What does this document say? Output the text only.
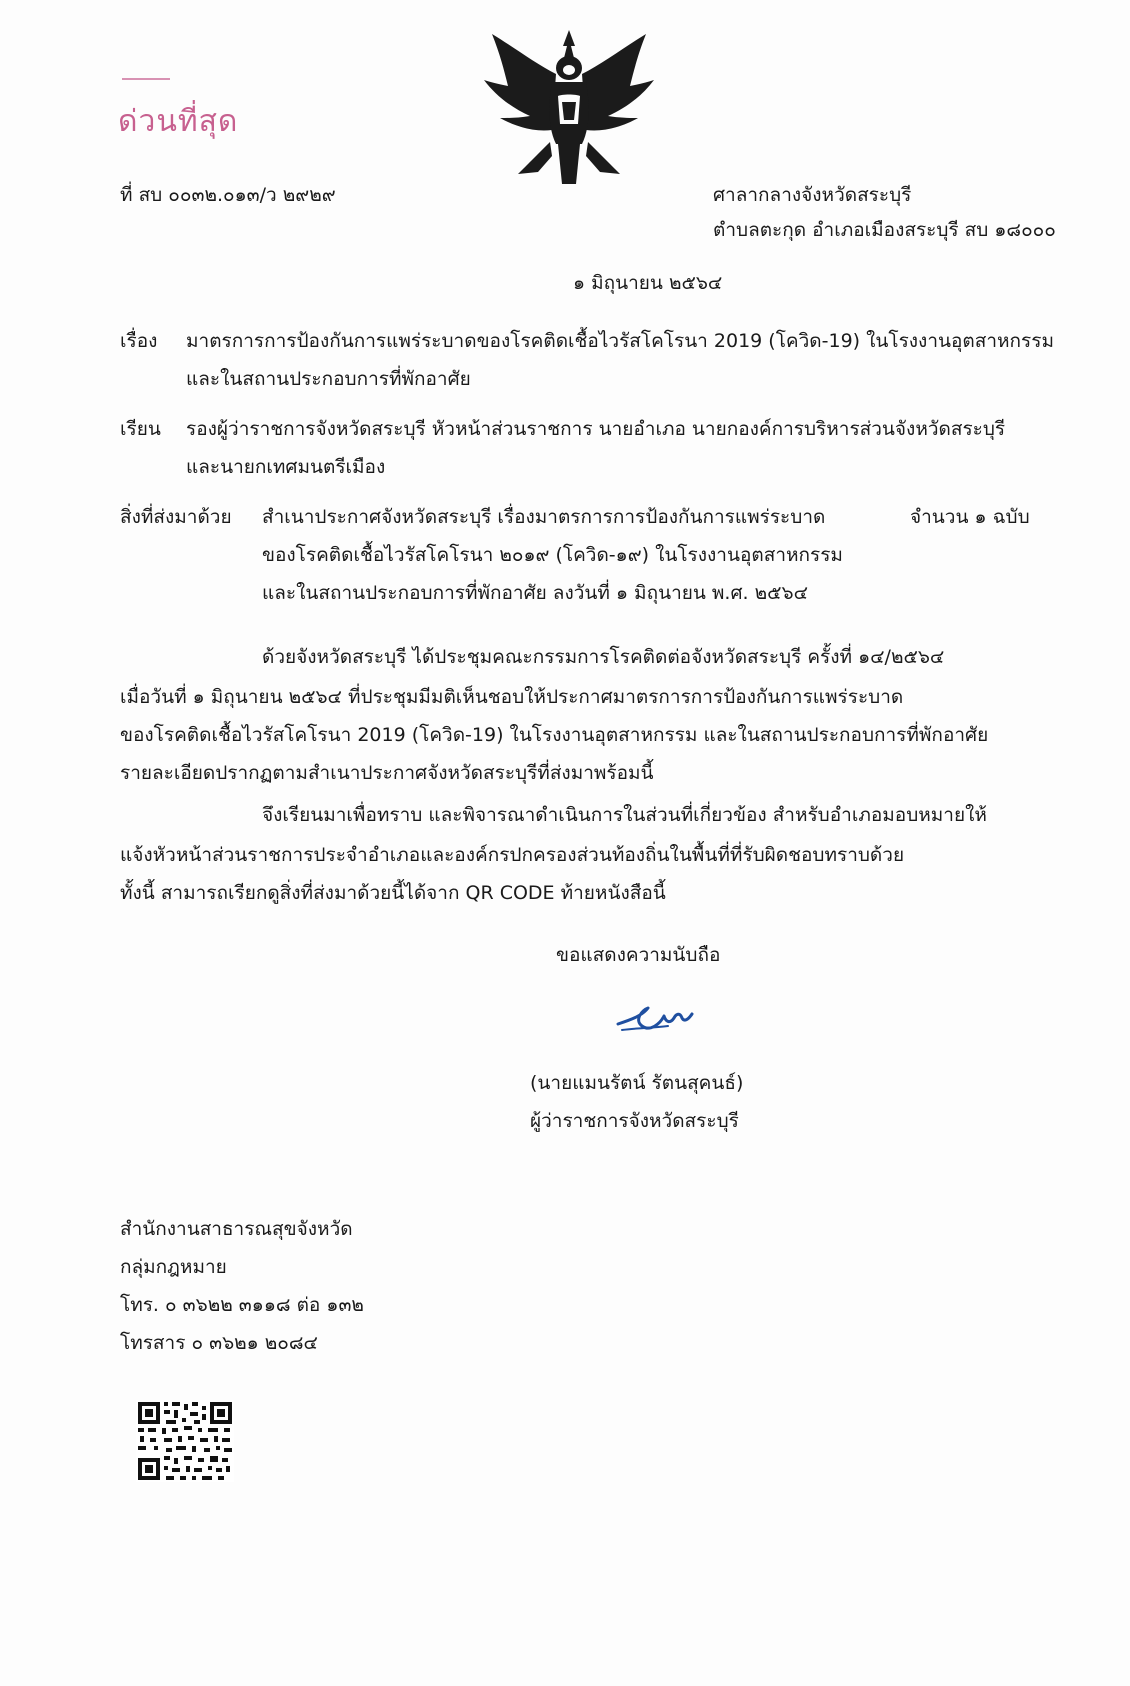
ด่วนที่สุด
ที่ สบ ๐๐๓๒.๐๑๓/ว ๒๙๒๙	ศาลากลางจังหวัดสระบุรี
ตำบลตะกุด อำเภอเมืองสระบุรี สบ ๑๘๐๐๐
๑ มิถุนายน ๒๕๖๔
เรื่อง มาตรการการป้องกันการแพร่ระบาดของโรคติดเชื้อไวรัสโคโรนา 2019 (โควิด-19) ในโรงงานอุตสาหกรรม
และในสถานประกอบการที่พักอาศัย
เรียน รองผู้ว่าราชการจังหวัดสระบุรี หัวหน้าส่วนราชการ นายอำเภอ นายกองค์การบริหารส่วนจังหวัดสระบุรี
และนายกเทศมนตรีเมือง
สิ่งที่ส่งมาด้วย สำเนาประกาศจังหวัดสระบุรี เรื่องมาตรการการป้องกันการแพร่ระบาด
ของโรคติดเชื้อไวรัสโคโรนา ๒๐๑๙ (โควิด-๑๙) ในโรงงานอุตสาหกรรม
และในสถานประกอบการที่พักอาศัย ลงวันที่ ๑ มิถุนายน พ.ศ. ๒๕๖๔
จำนวน ๑ ฉบับ
ด้วยจังหวัดสระบุรี ได้ประชุมคณะกรรมการโรคติดต่อจังหวัดสระบุรี ครั้งที่ ๑๔/๒๕๖๔
เมื่อวันที่ ๑ มิถุนายน ๒๕๖๔ ที่ประชุมมีมติเห็นชอบให้ประกาศมาตรการการป้องกันการแพร่ระบาด
ของโรคติดเชื้อไวรัสโคโรนา 2019 (โควิด-19) ในโรงงานอุตสาหกรรม และในสถานประกอบการที่พักอาศัย
รายละเอียดปรากฏตามสำเนาประกาศจังหวัดสระบุรีที่ส่งมาพร้อมนี้
จึงเรียนมาเพื่อทราบ และพิจารณาดำเนินการในส่วนที่เกี่ยวข้อง สำหรับอำเภอมอบหมายให้
แจ้งหัวหน้าส่วนราชการประจำอำเภอและองค์กรปกครองส่วนท้องถิ่นในพื้นที่ที่รับผิดชอบทราบด้วย
ทั้งนี้ สามารถเรียกดูสิ่งที่ส่งมาด้วยนี้ได้จาก QR CODE ท้ายหนังสือนี้
ขอแสดงความนับถือ
(นายแมนรัตน์ รัตนสุคนธ์)
ผู้ว่าราชการจังหวัดสระบุรี
สำนักงานสาธารณสุขจังหวัด
กลุ่มกฎหมาย
โทร. ๐ ๓๖๒๒ ๓๑๑๘ ต่อ ๑๓๒
โทรสาร ๐ ๓๖๒๑ ๒๐๘๔
